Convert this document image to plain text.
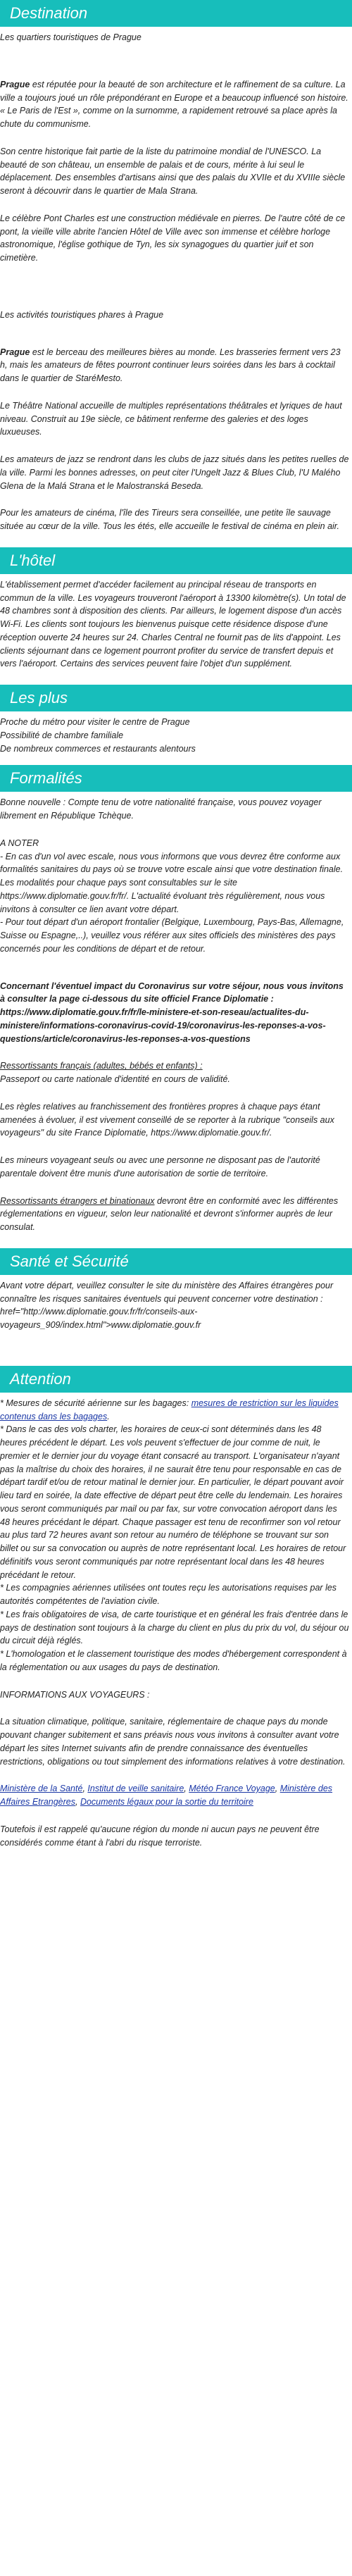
Destination

Les quartiers touristiques de Prague

Prague est réputée pour la beauté de son architecture et le raffinement de sa culture. La ville a toujours joué un rôle prépondérant en Europe et a beaucoup influencé son histoire. « Le Paris de l'Est », comme on la surnomme, a rapidement retrouvé sa place après la chute du communisme.

Son centre historique fait partie de la liste du patrimoine mondial de l'UNESCO. La beauté de son château, un ensemble de palais et de cours, mérite à lui seul le déplacement. Des ensembles d'artisans ainsi que des palais du XVIIe et du XVIIIe siècle seront à découvrir dans le quartier de Mala Strana.

Le célèbre Pont Charles est une construction médiévale en pierres. De l'autre côté de ce pont, la vieille ville abrite l'ancien Hôtel de Ville avec son immense et célèbre horloge astronomique, l'église gothique de Tyn, les six synagogues du quartier juif et son cimetière.

Les activités touristiques phares à Prague

Prague est le berceau des meilleures bières au monde. Les brasseries ferment vers 23 h, mais les amateurs de fêtes pourront continuer leurs soirées dans les bars à cocktail dans le quartier de StaréMesto.

Le Théâtre National accueille de multiples représentations théâtrales et lyriques de haut niveau. Construit au 19e siècle, ce bâtiment renferme des galeries et des loges luxueuses.

Les amateurs de jazz se rendront dans les clubs de jazz situés dans les petites ruelles de la ville. Parmi les bonnes adresses, on peut citer l'Ungelt Jazz & Blues Club, l'U Malého Glena de la Malá Strana et le Malostranská Beseda.

Pour les amateurs de cinéma, l'île des Tireurs sera conseillée, une petite île sauvage située au cœur de la ville. Tous les étés, elle accueille le festival de cinéma en plein air.

L'hôtel

L'établissement permet d'accéder facilement au principal réseau de transports en commun de la ville. Les voyageurs trouveront l'aéroport à 13300 kilomètre(s). Un total de 48 chambres sont à disposition des clients. Par ailleurs, le logement dispose d'un accès Wi-Fi. Les clients sont toujours les bienvenus puisque cette résidence dispose d'une réception ouverte 24 heures sur 24. Charles Central ne fournit pas de lits d'appoint. Les clients séjournant dans ce logement pourront profiter du service de transfert depuis et vers l'aéroport. Certains des services peuvent faire l'objet d'un supplément.

Les plus

Proche du métro pour visiter le centre de Prague

Possibilité de chambre familiale

De nombreux commerces et restaurants alentours

Formalités

Bonne nouvelle : Compte tenu de votre nationalité française, vous pouvez voyager librement en République Tchèque.

A NOTER

- En cas d'un vol avec escale, nous vous informons que vous devrez être conforme aux formalités sanitaires du pays où se trouve votre escale ainsi que votre destination finale.

Les modalités pour chaque pays sont consultables sur le site https://www.diplomatie.gouv.fr/fr/. L'actualité évoluant très régulièrement, nous vous invitons à consulter ce lien avant votre départ.

- Pour tout départ d'un aéroport frontalier (Belgique, Luxembourg, Pays-Bas, Allemagne, Suisse ou Espagne,..), veuillez vous référer aux sites officiels des ministères des pays concernés pour les conditions de départ et de retour.

Concernant l'éventuel impact du Coronavirus sur votre séjour, nous vous invitons à consulter la page ci-dessous du site officiel France Diplomatie : https://www.diplomatie.gouv.fr/fr/le-ministere-et-son-reseau/actualites-du-ministere/informations-coronavirus-covid-19/coronavirus-les-reponses-a-vos-questions/article/coronavirus-les-reponses-a-vos-questions

Ressortissants français (adultes, bébés et enfants) :

Passeport ou carte nationale d'identité en cours de validité.

Les règles relatives au franchissement des frontières propres à chaque pays étant amenées à évoluer, il est vivement conseillé de se reporter à la rubrique "conseils aux voyageurs" du site France Diplomatie, https://www.diplomatie.gouv.fr/.

Les mineurs voyageant seuls ou avec une personne ne disposant pas de l'autorité parentale doivent être munis d'une autorisation de sortie de territoire.

Ressortissants étrangers et binationaux devront être en conformité avec les différentes réglementations en vigueur, selon leur nationalité et devront s'informer auprès de leur consulat.

Santé et Sécurité

Avant votre départ, veuillez consulter le site du ministère des Affaires étrangères pour connaître les risques sanitaires éventuels qui peuvent concerner votre destination : href="http://www.diplomatie.gouv.fr/fr/conseils-aux-voyageurs_909/index.html">www.diplomatie.gouv.fr

Attention

* Mesures de sécurité aérienne sur les bagages: mesures de restriction sur les liquides contenus dans les bagages.

* Dans le cas des vols charter, les horaires de ceux-ci sont déterminés dans les 48 heures précédent le départ. Les vols peuvent s'effectuer de jour comme de nuit, le premier et le dernier jour du voyage étant consacré au transport. L'organisateur n'ayant pas la maîtrise du choix des horaires, il ne saurait être tenu pour responsable en cas de départ tardif et/ou de retour matinal le dernier jour. En particulier, le départ pouvant avoir lieu tard en soirée, la date effective de départ peut être celle du lendemain. Les horaires vous seront communiqués par mail ou par fax, sur votre convocation aéroport dans les 48 heures précédant le départ. Chaque passager est tenu de reconfirmer son vol retour au plus tard 72 heures avant son retour au numéro de téléphone se trouvant sur son billet ou sur sa convocation ou auprès de notre représentant local. Les horaires de retour définitifs vous seront communiqués par notre représentant local dans les 48 heures précédant le retour.

* Les compagnies aériennes utilisées ont toutes reçu les autorisations requises par les autorités compétentes de l'aviation civile.

* Les frais obligatoires de visa, de carte touristique et en général les frais d'entrée dans le pays de destination sont toujours à la charge du client en plus du prix du vol, du séjour ou du circuit déjà réglés.

* L'homologation et le classement touristique des modes d'hébergement correspondent à la réglementation ou aux usages du pays de destination.

INFORMATIONS AUX VOYAGEURS :

La situation climatique, politique, sanitaire, réglementaire de chaque pays du monde pouvant changer subitement et sans préavis nous vous invitons à consulter avant votre départ les sites Internet suivants afin de prendre connaissance des éventuelles restrictions, obligations ou tout simplement des informations relatives à votre destination.

Ministère de la Santé, Institut de veille sanitaire, Météo France Voyage, Ministère des Affaires Etrangères, Documents légaux pour la sortie du territoire

Toutefois il est rappelé qu'aucune région du monde ni aucun pays ne peuvent être considérés comme étant à l'abri du risque terroriste.
